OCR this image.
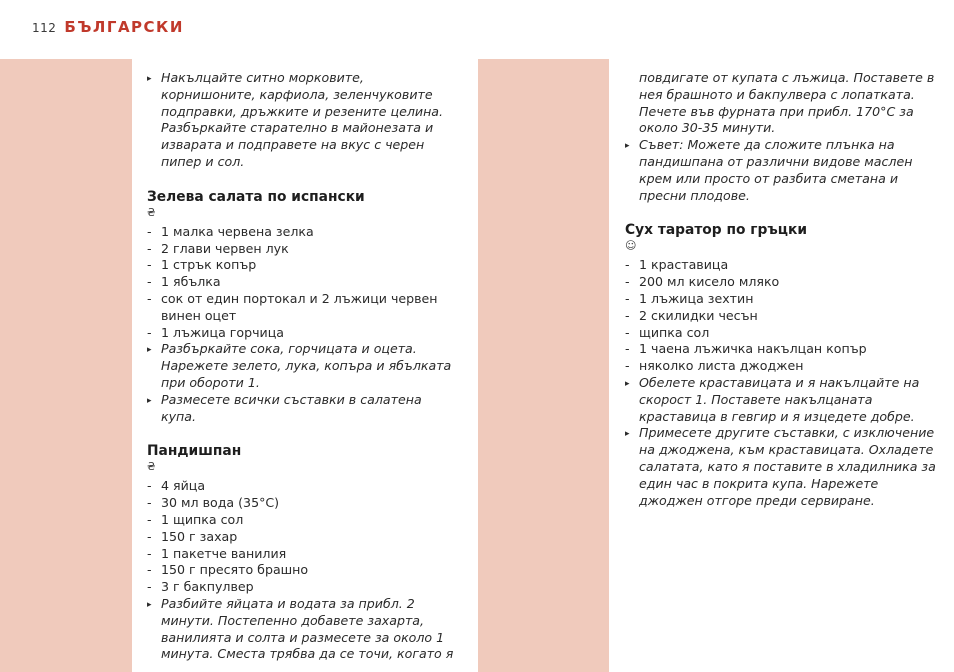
112 БЪЛГАРСКИ
▸ Накълцайте ситно морковите, корнишоните, карфиола, зеленчуковите подправки, дръжките и резените целина. Разбъркайте старателно в майонезата и изварата и подправете на вкус с черен пипер и сол.
Зелева салата по испански
₴
- 1 малка червена зелка
- 2 глави червен лук
- 1 стрък копър
- 1 ябълка
- сок от един портокал и 2 лъжици червен винен оцет
- 1 лъжица горчица
▸ Разбъркайте сока, горчицата и оцета. Нарежете зелето, лука, копъра и ябълката при обороти 1.
▸ Размесете всички съставки в салатена купа.
Пандишпан
₴
- 4 яйца
- 30 мл вода (35°C)
- 1 щипка сол
- 150 г захар
- 1 пакетче ванилия
- 150 г пресято брашно
- 3 г бакпулвер
▸ Разбийте яйцата и водата за прибл. 2 минути. Постепенно добавете захарта, ванилията и солта и размесете за около 1 минута. Сместа трябва да се точи, когато я
повдигате от купата с лъжица. Поставете в нея брашното и бакпулвера с лопатката. Печете във фурната при прибл. 170°C за около 30-35 минути.
▸ Съвет: Можете да сложите плънка на пандишпана от различни видове маслен крем или просто от разбита сметана и пресни плодове.
Сух таратор по гръцки
☺
- 1 краставица
- 200 мл кисело мляко
- 1 лъжица зехтин
- 2 скилидки чесън
- щипка сол
- 1 чаена лъжичка накълцан копър
- няколко листа джоджен
▸ Обелете краставицата и я накълцайте на скорост 1. Поставете накълцаната краставица в гевгир и я изцедете добре.
▸ Примесете другите съставки, с изключение на джоджена, към краставицата. Охладете салатата, като я поставите в хладилника за един час в покрита купа. Нарежете джоджен отгоре преди сервиране.
